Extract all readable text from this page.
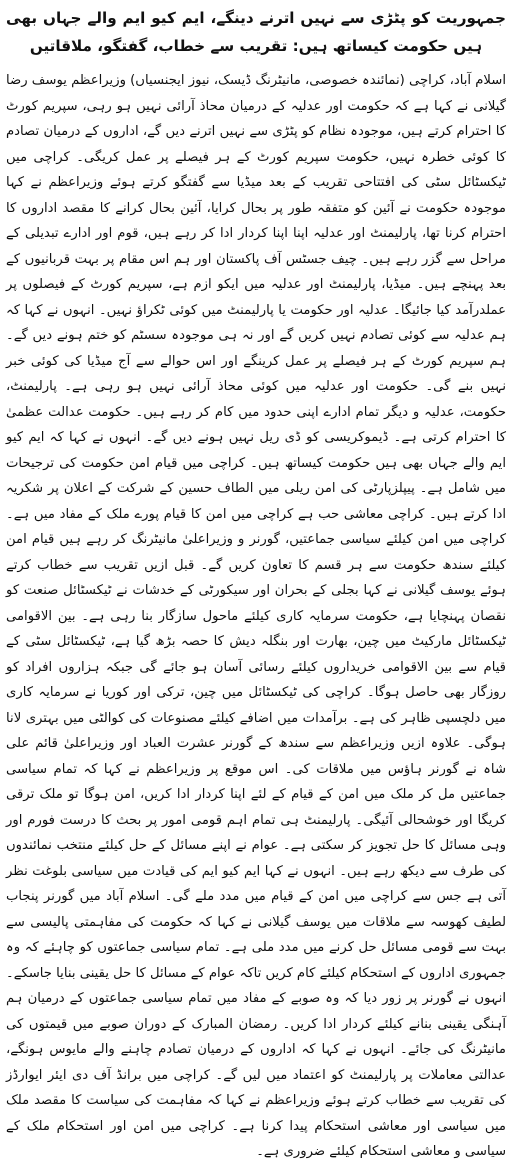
جمہوریت کو پٹڑی سے نہیں اترنے دینگے، ایم کیو ایم والے جہاں بھی ہیں حکومت کیساتھ ہیں: تقریب سے خطاب، گفتگو، ملاقاتیں

اسلام آباد، کراچی (نمائندہ خصوصی، مانیٹرنگ ڈیسک، نیوز ایجنسیاں) وزیراعظم یوسف رضا گیلانی نے کہا ہے کہ حکومت اور عدلیہ کے درمیان محاذ آرائی نہیں ہو رہی، سپریم کورٹ کا احترام کرتے ہیں، موجودہ نظام کو پٹڑی سے نہیں اترنے دیں گے، اداروں کے درمیان تصادم کا کوئی خطرہ نہیں، حکومت سپریم کورٹ کے ہر فیصلے پر عمل کریگی۔ کراچی میں ٹیکسٹائل سٹی کی افتتاحی تقریب کے بعد میڈیا سے گفتگو کرتے ہوئے وزیراعظم نے کہا موجودہ حکومت نے آئین کو متفقہ طور پر بحال کرایا، آئین بحال کرانے کا مقصد اداروں کا احترام کرنا تھا، پارلیمنٹ اور عدلیہ اپنا اپنا کردار ادا کر رہے ہیں، قوم اور ادارے تبدیلی کے مراحل سے گزر رہے ہیں۔ چیف جسٹس آف پاکستان اور ہم اس مقام پر بہت قربانیوں کے بعد پہنچے ہیں۔ میڈیا، پارلیمنٹ اور عدلیہ میں ایکو ازم ہے، سپریم کورٹ کے فیصلوں پر عملدرآمد کیا جائیگا۔ عدلیہ اور حکومت یا پارلیمنٹ میں کوئی ٹکراؤ نہیں۔ انہوں نے کہا کہ ہم عدلیہ سے کوئی تصادم نہیں کریں گے اور نہ ہی موجودہ سسٹم کو ختم ہونے دیں گے۔ ہم سپریم کورٹ کے ہر فیصلے پر عمل کرینگے اور اس حوالے سے آج میڈیا کی کوئی خبر نہیں بنے گی۔ حکومت اور عدلیہ میں کوئی محاذ آرائی نہیں ہو رہی ہے۔ پارلیمنٹ، حکومت، عدلیہ و دیگر تمام ادارے اپنی حدود میں کام کر رہے ہیں۔ حکومت عدالت عظمیٰ کا احترام کرتی ہے۔ ڈیموکریسی کو ڈی ریل نہیں ہونے دیں گے۔ انہوں نے کہا کہ ایم کیو ایم والے جہاں بھی ہیں حکومت کیساتھ ہیں۔ کراچی میں قیام امن حکومت کی ترجیحات میں شامل ہے۔ پیپلزپارٹی کی امن ریلی میں الطاف حسین کے شرکت کے اعلان پر شکریہ ادا کرتے ہیں۔ کراچی معاشی حب ہے کراچی میں امن کا قیام پورے ملک کے مفاد میں ہے۔ کراچی میں امن کیلئے سیاسی جماعتیں، گورنر و وزیراعلیٰ مانیٹرنگ کر رہے ہیں قیام امن کیلئے سندھ حکومت سے ہر قسم کا تعاون کریں گے۔ قبل ازیں تقریب سے خطاب کرتے ہوئے یوسف گیلانی نے کہا بجلی کے بحران اور سیکورٹی کے خدشات نے ٹیکسٹائل صنعت کو نقصان پہنچایا ہے، حکومت سرمایہ کاری کیلئے ماحول سازگار بنا رہی ہے۔ بین الاقوامی ٹیکسٹائل مارکیٹ میں چین، بھارت اور بنگلہ دیش کا حصہ بڑھ گیا ہے، ٹیکسٹائل سٹی کے قیام سے بین الاقوامی خریداروں کیلئے رسائی آسان ہو جائے گی جبکہ ہزاروں افراد کو روزگار بھی حاصل ہوگا۔ کراچی کی ٹیکسٹائل میں چین، ترکی اور کوریا نے سرمایہ کاری میں دلچسپی ظاہر کی ہے۔ برآمدات میں اضافے کیلئے مصنوعات کی کوالٹی میں بہتری لانا ہوگی۔ علاوہ ازیں وزیراعظم سے سندھ کے گورنر عشرت العباد اور وزیراعلیٰ قائم علی شاہ نے گورنر ہاؤس میں ملاقات کی۔ اس موقع پر وزیراعظم نے کہا کہ تمام سیاسی جماعتیں مل کر ملک میں امن کے قیام کے لئے اپنا کردار ادا کریں، امن ہوگا تو ملک ترقی کریگا اور خوشحالی آئیگی۔ پارلیمنٹ ہی تمام اہم قومی امور پر بحث کا درست فورم اور وہی مسائل کا حل تجویز کر سکتی ہے۔ عوام نے اپنے مسائل کے حل کیلئے منتخب نمائندوں کی طرف سے دیکھ رہے ہیں۔ انہوں نے کہا ایم کیو ایم کی قیادت میں سیاسی بلوغت نظر آتی ہے جس سے کراچی میں امن کے قیام میں مدد ملے گی۔ اسلام آباد میں گورنر پنجاب لطیف کھوسہ سے ملاقات میں یوسف گیلانی نے کہا کہ حکومت کی مفاہمتی پالیسی سے بہت سے قومی مسائل حل کرنے میں مدد ملی ہے۔ تمام سیاسی جماعتوں کو چاہئے کہ وہ جمہوری اداروں کے استحکام کیلئے کام کریں تاکہ عوام کے مسائل کا حل یقینی بنایا جاسکے۔ انہوں نے گورنر پر زور دیا کہ وہ صوبے کے مفاد میں تمام سیاسی جماعتوں کے درمیان ہم آہنگی یقینی بنانے کیلئے کردار ادا کریں۔ رمضان المبارک کے دوران صوبے میں قیمتوں کی مانیٹرنگ کی جائے۔ انہوں نے کہا کہ اداروں کے درمیان تصادم چاہنے والے مایوس ہونگے، عدالتی معاملات پر پارلیمنٹ کو اعتماد میں لیں گے۔ کراچی میں برانڈ آف دی ایئر ایوارڈز کی تقریب سے خطاب کرتے ہوئے وزیراعظم نے کہا کہ مفاہمت کی سیاست کا مقصد ملک میں سیاسی اور معاشی استحکام پیدا کرنا ہے۔ کراچی میں امن اور استحکام ملک کے سیاسی و معاشی استحکام کیلئے ضروری ہے۔
